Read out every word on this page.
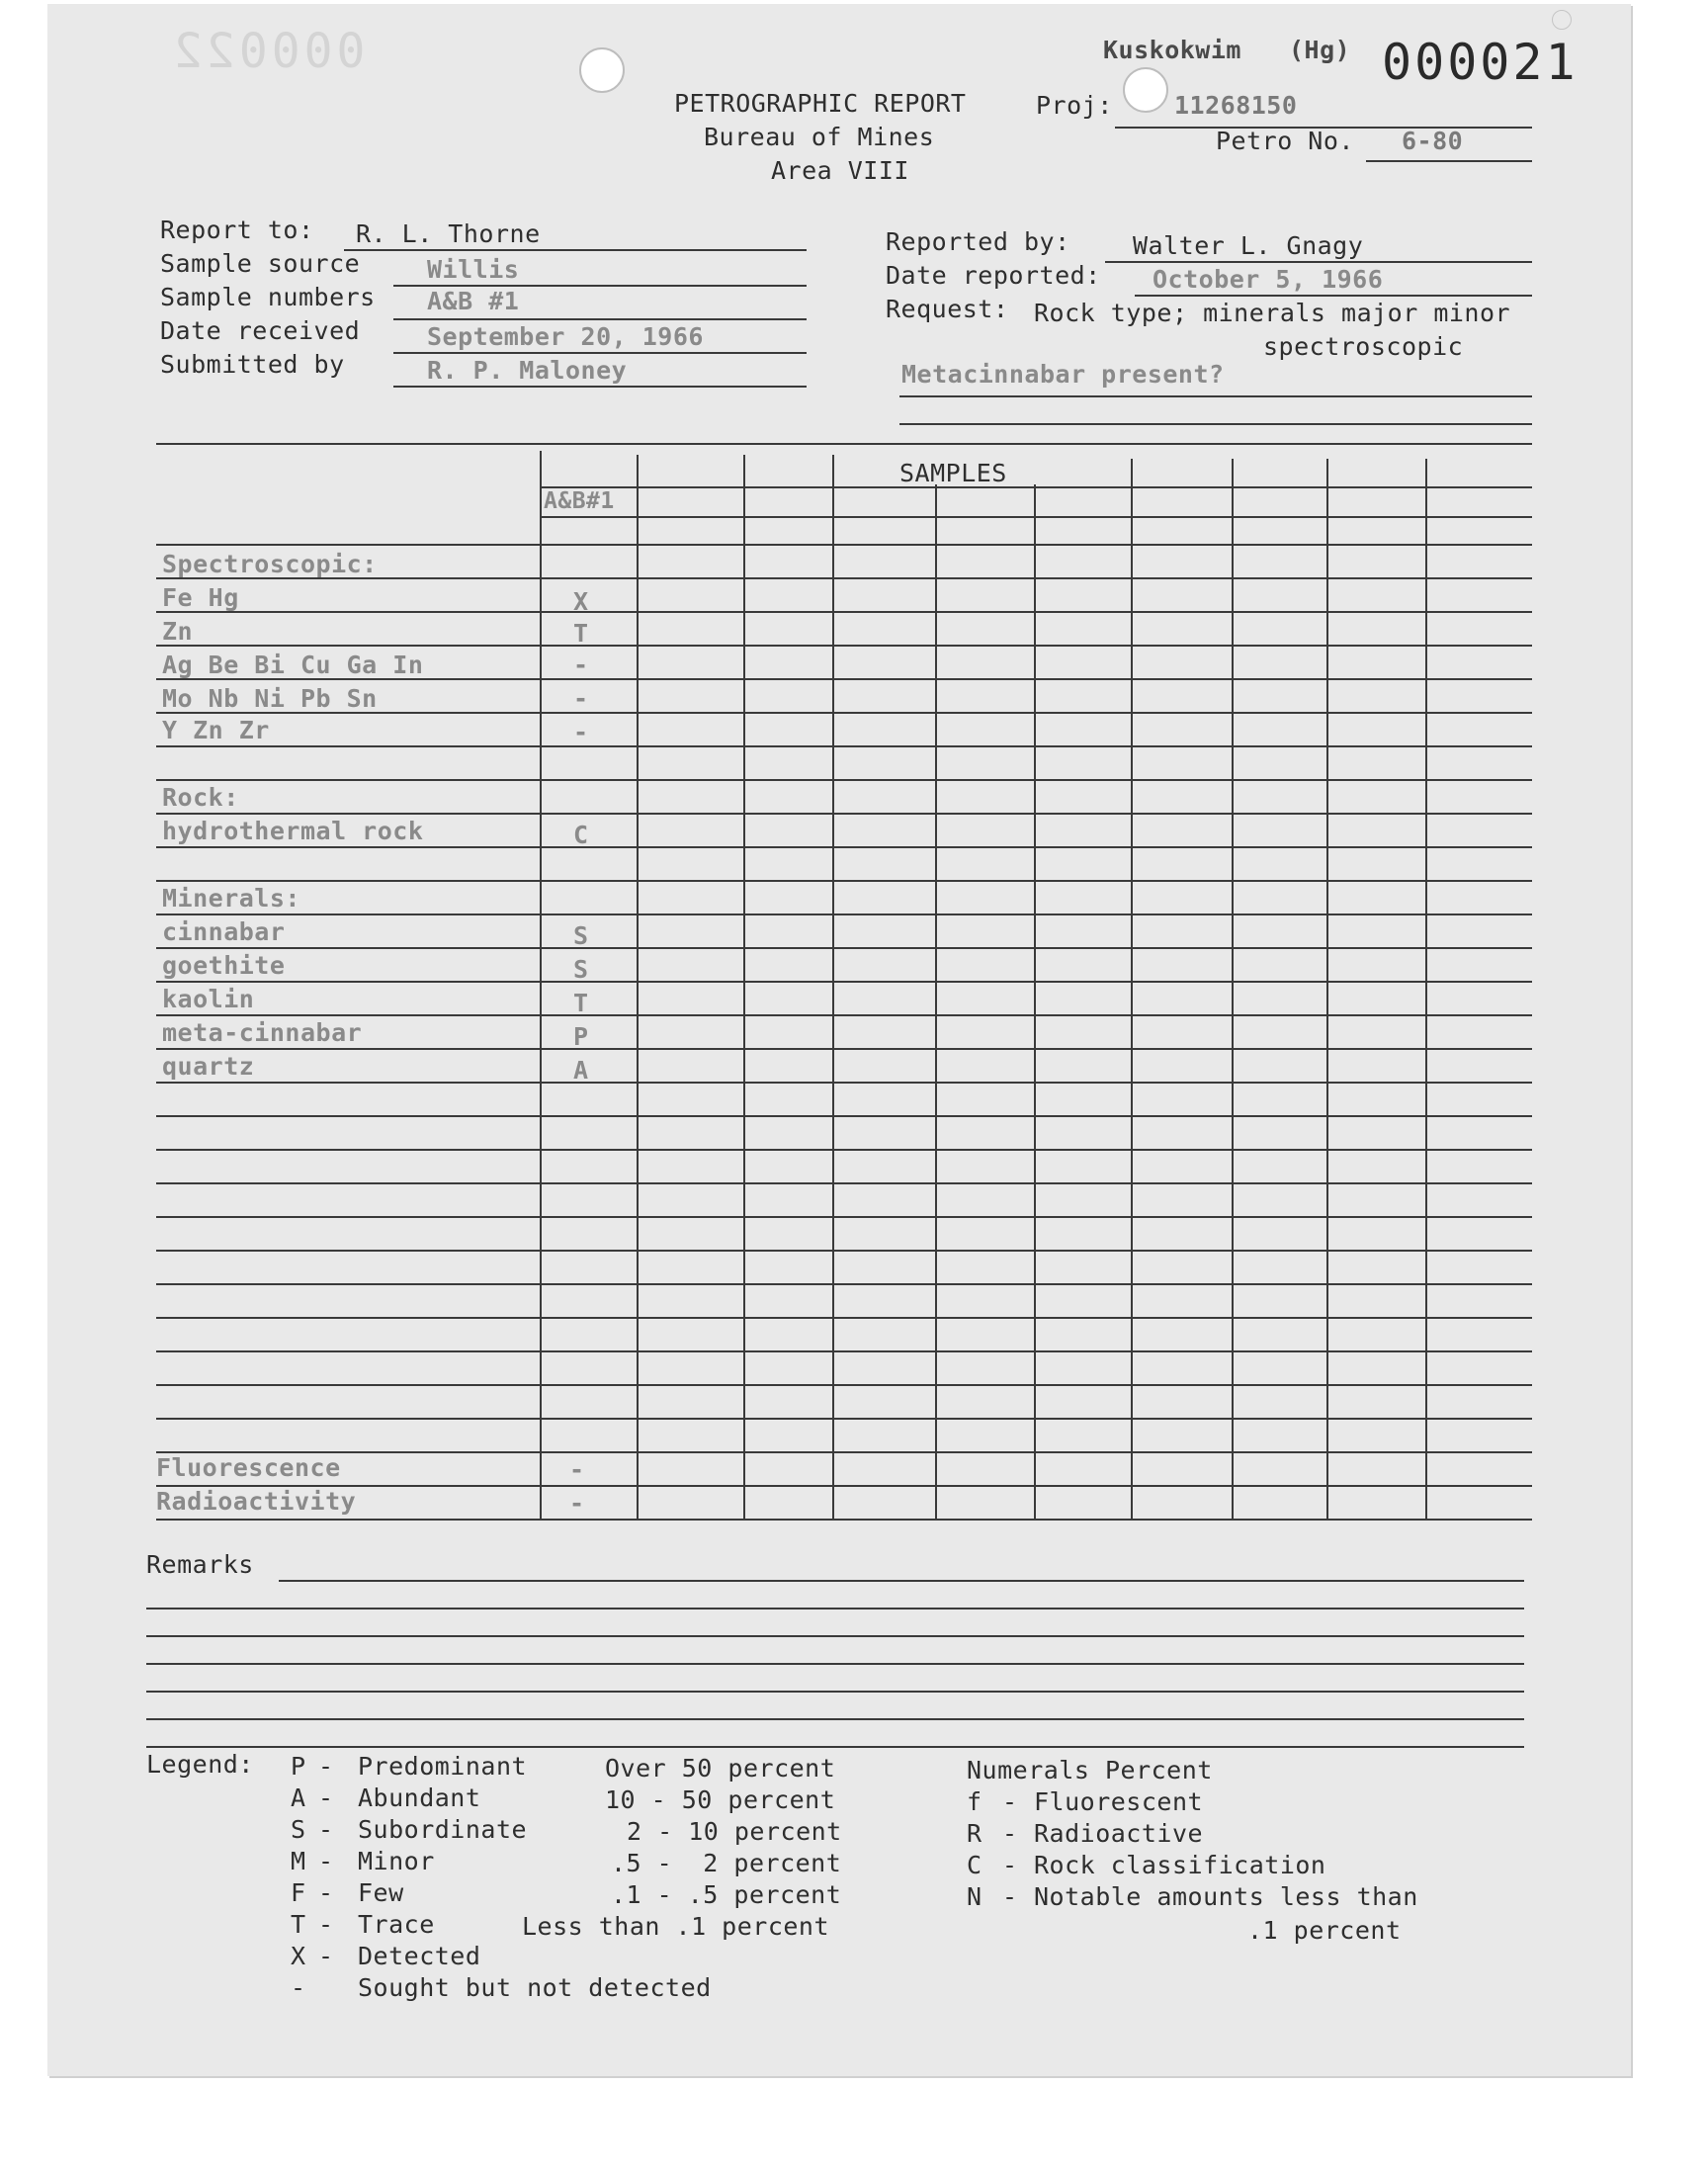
000022	Kuskokwim (Hg) 000021
PETROGRAPHIC REPORT
Bureau of Mines
Area VIII
Proj: 11268150
Petro No. 6-80
Report to: R. L. Thorne
Sample source	Willis
Sample numbers A&B #1
Date received	September 20, 1966
Submitted by	R. P. Maloney
Reported by:	Walter L. Gnagy
Date reported: October 5, 1966
Request: Rock type; minerals major minor
spectroscopic
Metacinnabar present?
SAMPLES
A&B#1
Spectroscopic:
Fe Hg	X
Zn	T
Ag Be Bi Cu Ga In	-
Mo Nb Ni Pb Sn	-
Y Zn Zr	-
Rock:
hydrothermal rock	C
Minerals:
cinnabar	S
goethite	S
kaolin	T
meta-cinnabar	P
quartz	A
Fluorescence	-
Radioactivity	-
Remarks
Legend: P - Predominant	Over 50 percent
A - Abundant	10 - 50 percent
S - Subordinate	2 - 10 percent
M - Minor	.5 -  2 percent
F - Few	.1 - .5 percent
T - Trace	Less than .1 percent
X - Detected
- Sought but not detected
Numerals Percent
f - Fluorescent
R - Radioactive
C - Rock classification
N - Notable amounts less than
.1 percent
